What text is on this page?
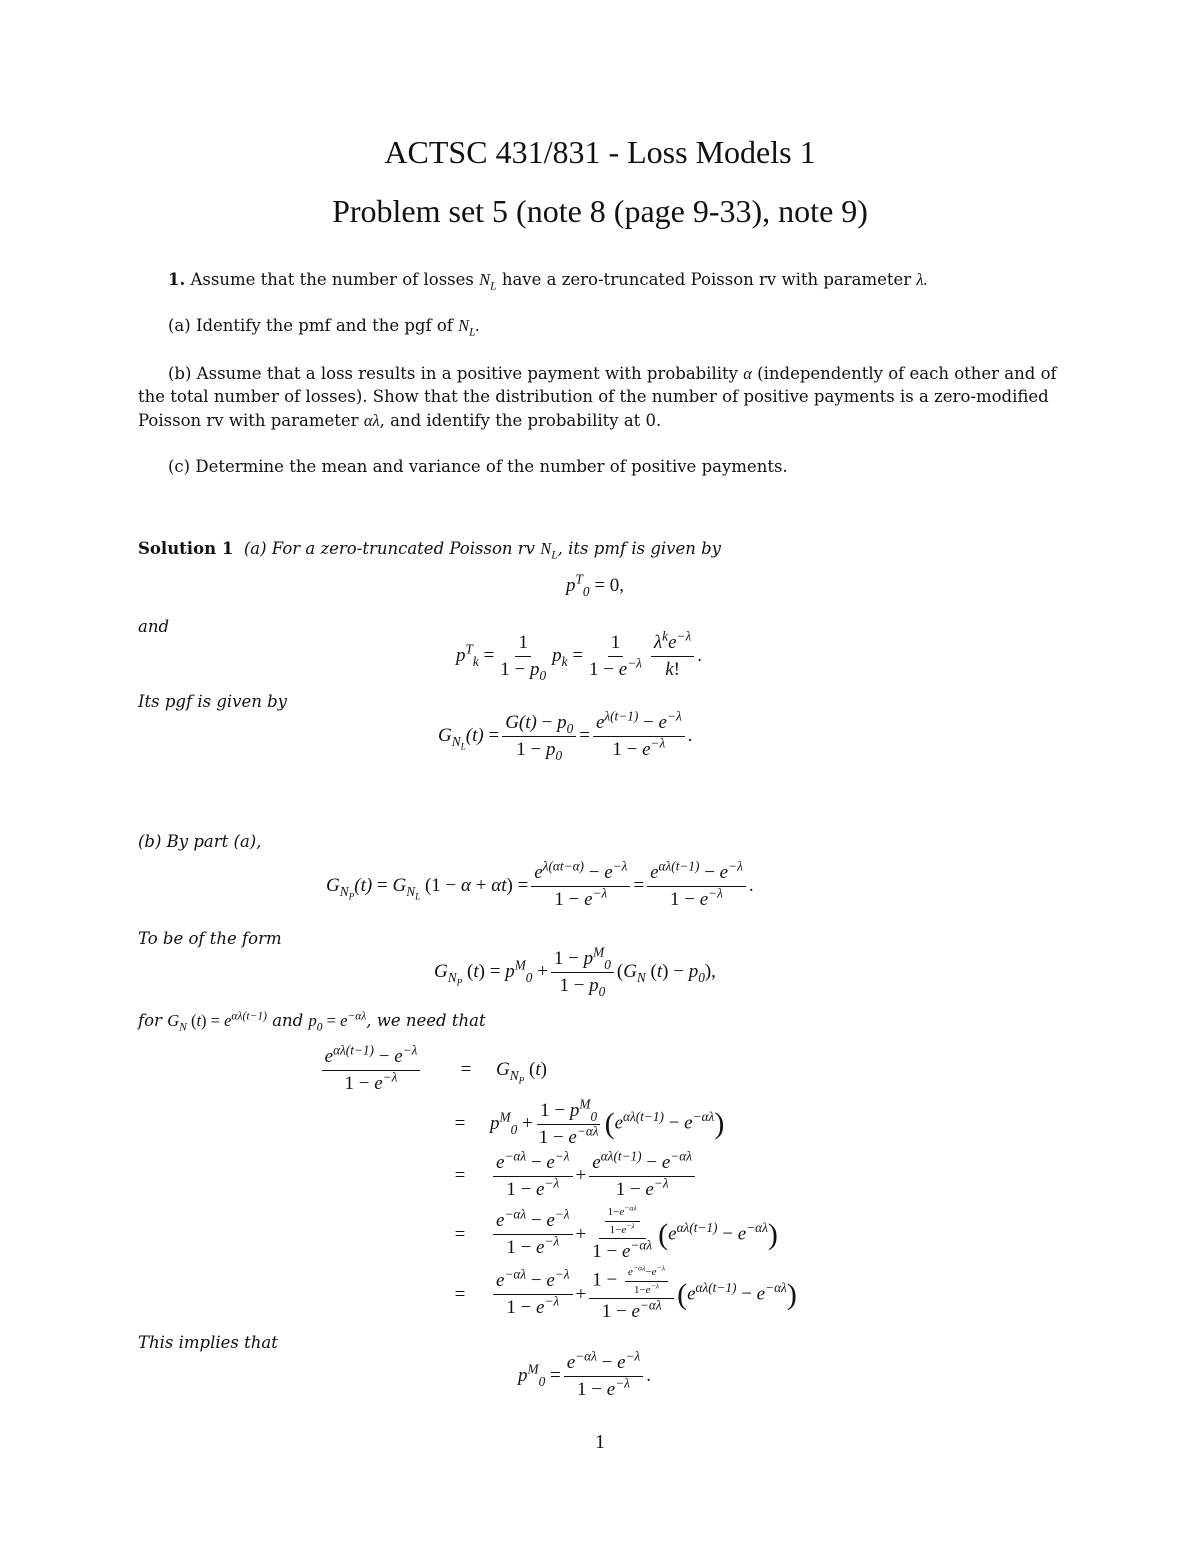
ACTSC 431/831 - Loss Models 1
Problem set 5 (note 8 (page 9-33), note 9)
1. Assume that the number of losses $N_L$ have a zero-truncated Poisson rv with parameter λ.
(a) Identify the pmf and the pgf of $N_L$.
(b) Assume that a loss results in a positive payment with probability α (independently of each other and of
the total number of losses). Show that the distribution of the number of positive payments is a zero-modified
Poisson rv with parameter αλ, and identify the probability at 0.
(c) Determine the mean and variance of the number of positive payments.
Solution 1 (a) For a zero-truncated Poisson rv $N_L$, its pmf is given by
$p^T_0 = 0$,
and
$p^T_k = \frac{1}{1 - p_0} p_k = \frac{1}{1 - e^{-\lambda}} \frac{\lambda^ke^{-\lambda}}{k!}$ .
Its pgf is given by
$G_{N_L}(t) = \frac{G(t) - p_0}{1 - p_0} = \frac{e^{\lambda(t-1)} - e^{-\lambda}}{1 - e^{-\lambda}}$ .
(b) By part (a),
$G_{N_P}(t) = G_{N_L}$ $(1 - \alpha + \alpha t) = \frac{e^{\lambda(\alpha t-\alpha)} - e^{-\lambda}}{1 - e^{-\lambda}} = \frac{e^{\alpha\lambda(t-1)} - e^{-\lambda}}{1 - e^{-\lambda}}$ .
To be of the form
$G_{N_P}$ $(t) = p^M_0 + \frac{1 - p^M_0}{1 - p_0} (G_N$ $(t) - p_0$),
for $G_N$ $(t) = e^{\alpha\lambda(t-1)}$ and $p_0 = e^{-\alpha\lambda}$, we need that
$\frac{e^{\alpha\lambda(t-1)} - e^{-\lambda}}{1 - e^{-\lambda}}$	=	$G_{N_P}$ (t)
=	$p^M_0 + \frac{1 - p^M_0}{1 - e^{-\alpha\lambda}} (e^{\alpha\lambda(t-1)} - e^{-\alpha\lambda})$
=	$\frac{e^{-\alpha\lambda} - e^{-\lambda}}{1 - e^{-\lambda}} + \frac{e^{\alpha\lambda(t-1)} - e^{-\alpha\lambda}}{1 - e^{-\lambda}}$
=	$\frac{e^{-\alpha\lambda} - e^{-\lambda}}{1 - e^{-\lambda}} + \frac{\frac{1-e^{-\alpha\lambda}}{1-e^{-\lambda}}}{1 - e^{-\alpha\lambda}} (e^{\alpha\lambda(t-1)} - e^{-\alpha\lambda})$
=	$\frac{e^{-\alpha\lambda} - e^{-\lambda}}{1 - e^{-\lambda}} + \frac{1 - \frac{e^{-\alpha\lambda}-e^{-\lambda}}{1-e^{-\lambda}}}{1 - e^{-\alpha\lambda}} (e^{\alpha\lambda(t-1)} - e^{-\alpha\lambda})$
This implies that
$p^M_0 = \frac{e^{-\alpha\lambda} - e^{-\lambda}}{1 - e^{-\lambda}}$ .
1
